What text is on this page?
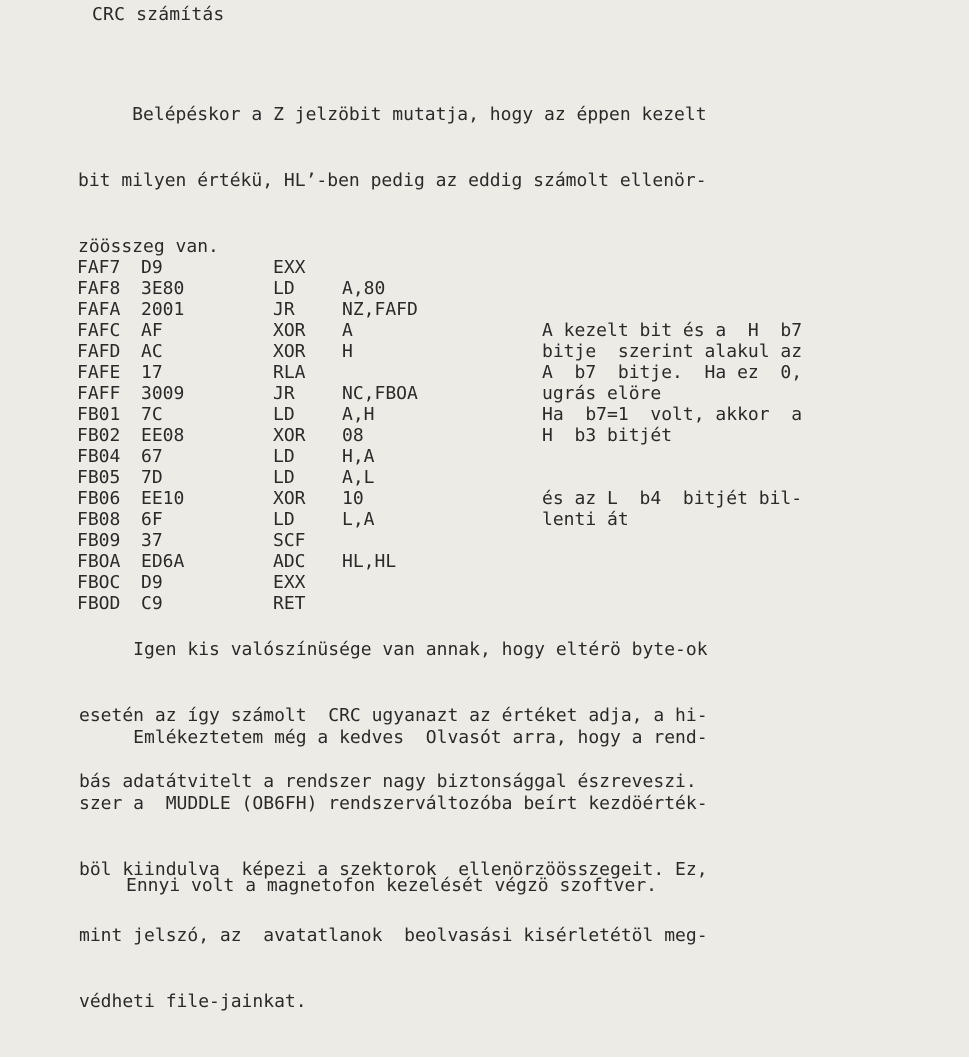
CRC számítás

Belépéskor a Z jelzöbit mutatja, hogy az éppen kezelt

bit milyen értékü, HL’-ben pedig az eddig számolt ellenör-

zöösszeg van.

FAF7 D9	EXX
FAF8 3E80	LD	A,80
FAFA 2001	JR	NZ,FAFD
FAFC AF	XOR A	A kezelt bit és a  H  b7
FAFD AC	XOR H	bitje  szerint alakul az
FAFE 17	RLA	A  b7  bitje.  Ha ez  0,
FAFF 3009	JR	NC,FBOA	ugrás elöre
FB01 7C	LD	A,H	Ha  b7=1  volt, akkor  a
FB02 EE08	XOR 08	H  b3 bitjét
FB04 67	LD	H,A
FB05 7D	LD	A,L
FB06 EE10	XOR 10	és az L  b4  bitjét bil-
FB08 6F	LD	L,A	lenti át
FB09 37	SCF
FBOA ED6A	ADC HL,HL
FBOC D9	EXX
FBOD C9	RET

Igen kis valószínüsége van annak, hogy eltérö byte-ok

esetén az így számolt  CRC ugyanazt az értéket adja, a hi-

bás adatátvitelt a rendszer nagy biztonsággal észreveszi.

Emlékeztetem még a kedves  Olvasót arra, hogy a rend-

szer a  MUDDLE (OB6FH) rendszerváltozóba beírt kezdöérték-

böl kiindulva  képezi a szektorok  ellenörzöösszegeit. Ez,

mint jelszó, az  avatatlanok  beolvasási kisérletétöl meg-

védheti file-jainkat.

Ennyi volt a magnetofon kezelését végzö szoftver.
